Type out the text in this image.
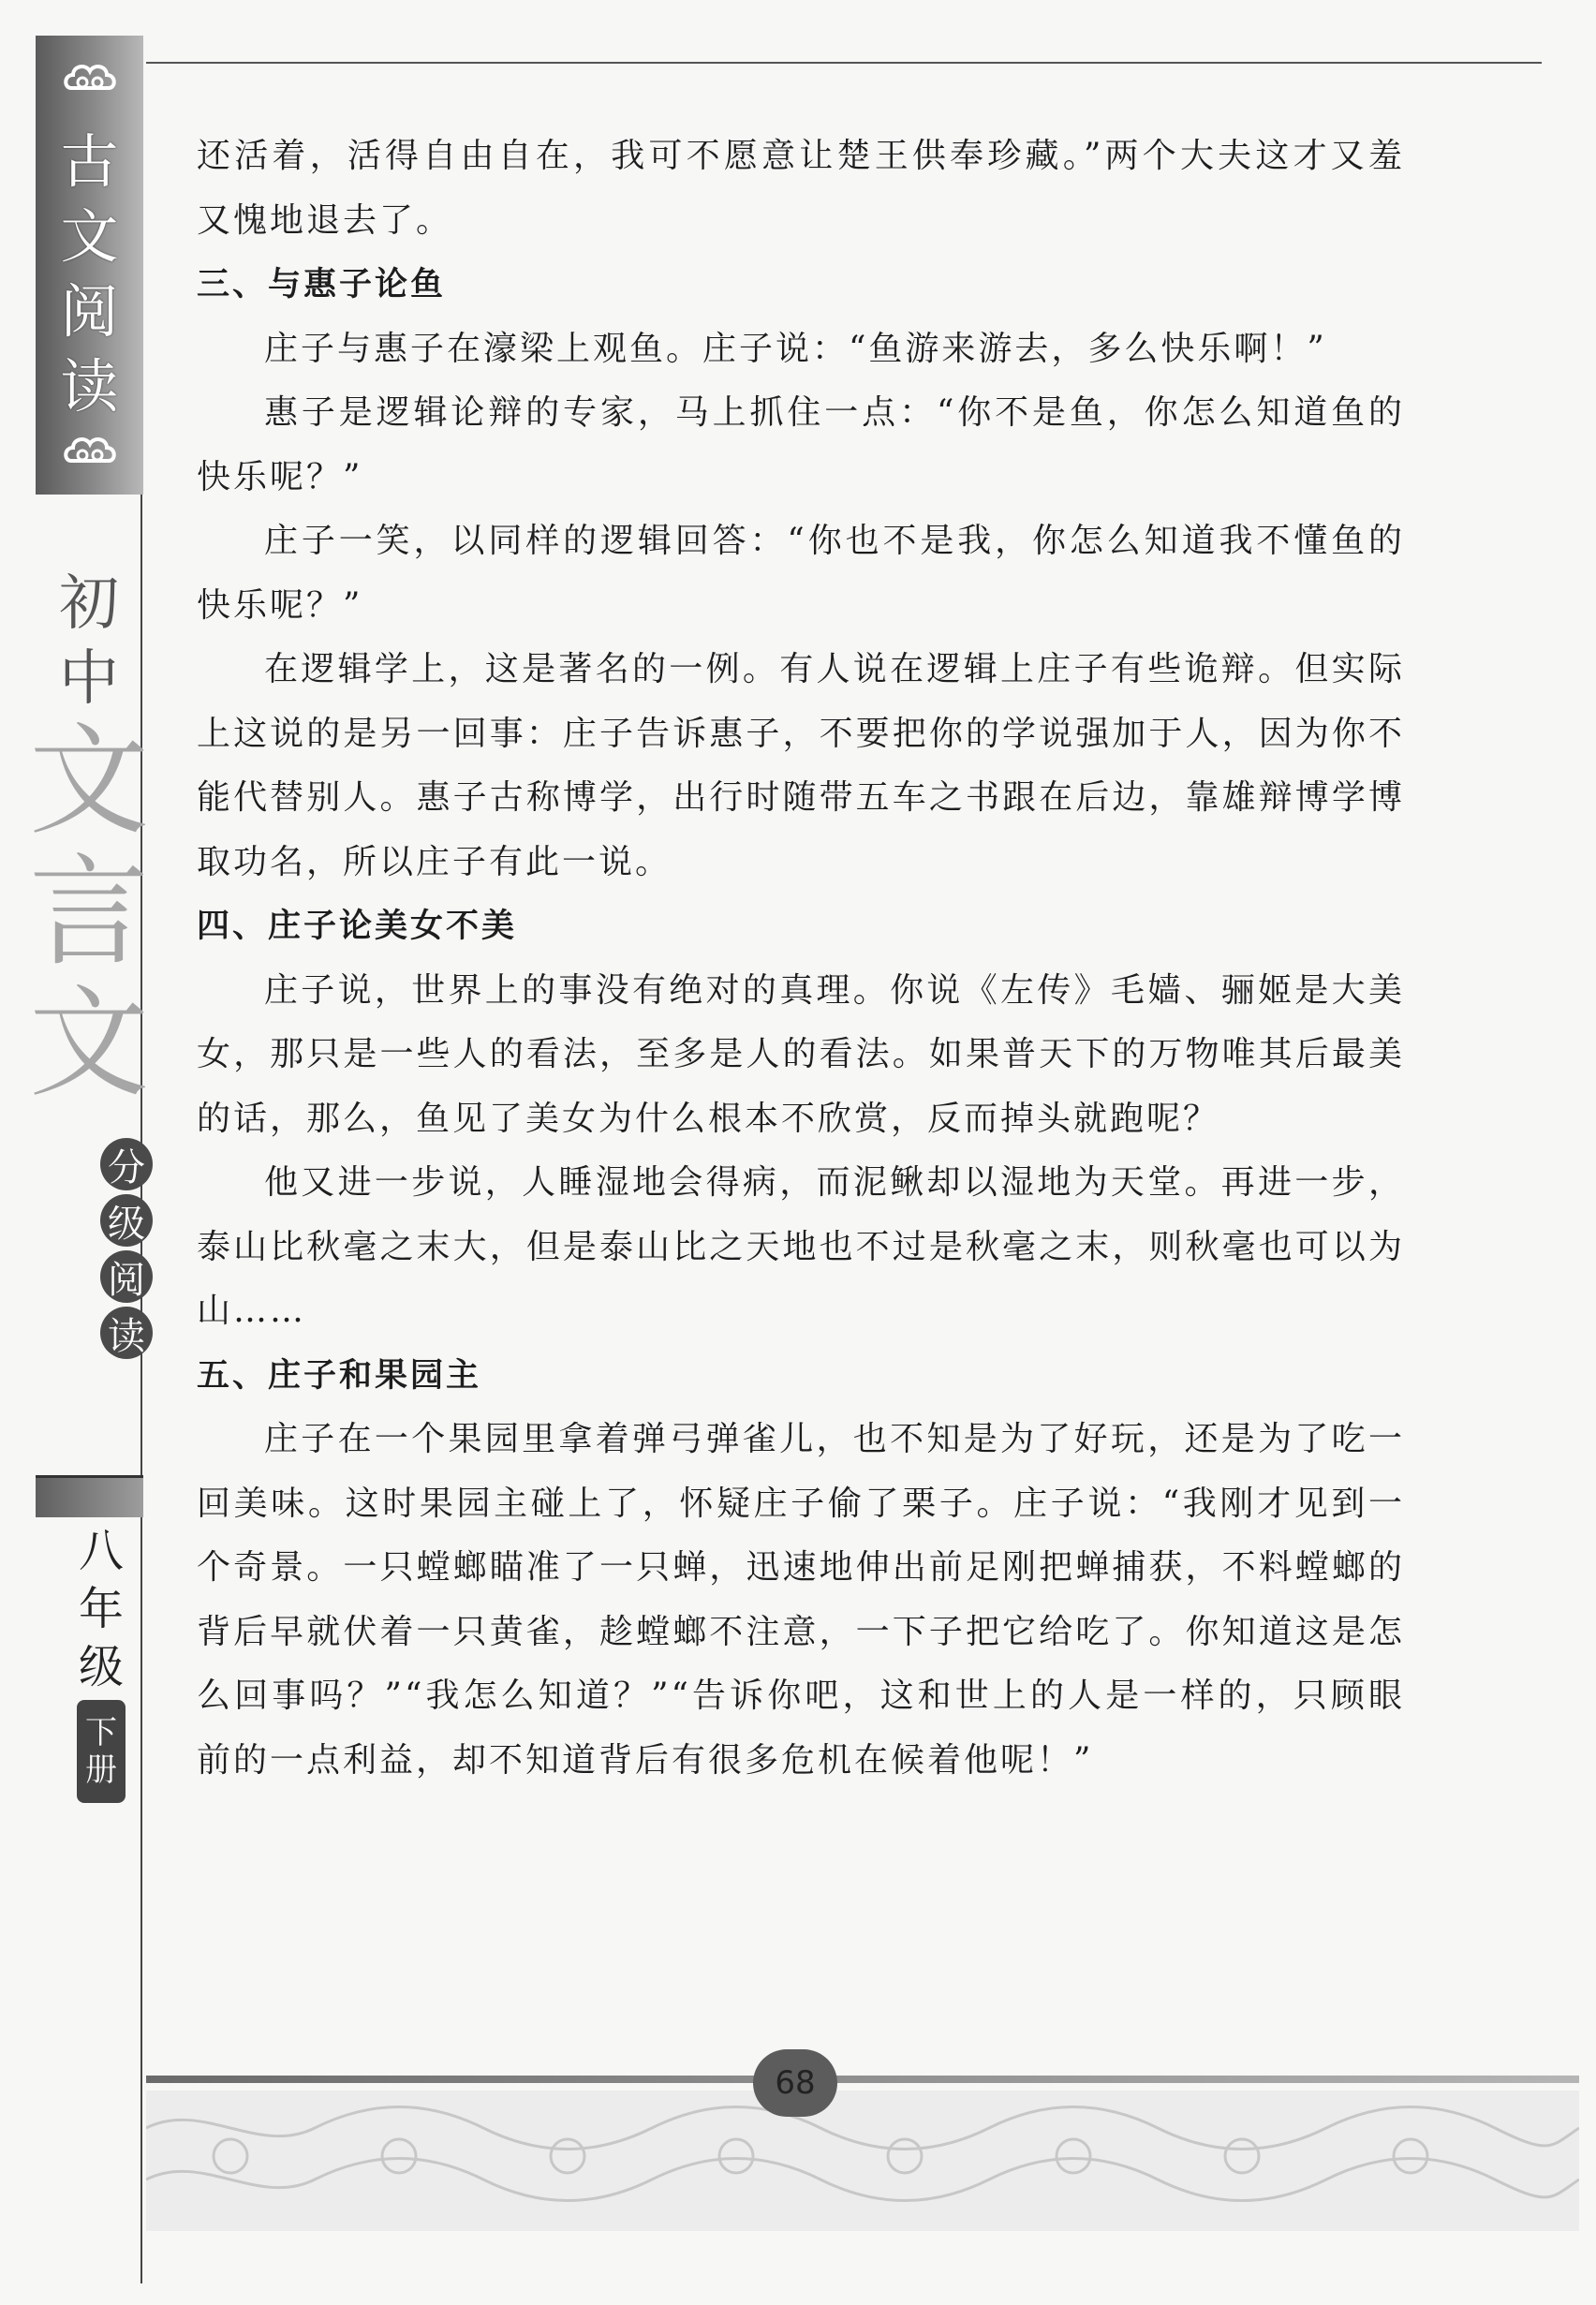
古
文
阅
读
初
中
文
言
文
分
级
阅
读
八
年
级
下
册

还活着，活得自由自在，我可不愿意让楚王供奉珍藏。”两个大夫这才又羞又愧地退去了。

三、与惠子论鱼

庄子与惠子在濠梁上观鱼。庄子说：“鱼游来游去，多么快乐啊！”

惠子是逻辑论辩的专家，马上抓住一点：“你不是鱼，你怎么知道鱼的快乐呢？”

庄子一笑，以同样的逻辑回答：“你也不是我，你怎么知道我不懂鱼的快乐呢？”

在逻辑学上，这是著名的一例。有人说在逻辑上庄子有些诡辩。但实际上这说的是另一回事：庄子告诉惠子，不要把你的学说强加于人，因为你不能代替别人。惠子古称博学，出行时随带五车之书跟在后边，靠雄辩博学博取功名，所以庄子有此一说。

四、庄子论美女不美

庄子说，世界上的事没有绝对的真理。你说《左传》毛嫱、骊姬是大美女，那只是一些人的看法，至多是人的看法。如果普天下的万物唯其后最美的话，那么，鱼见了美女为什么根本不欣赏，反而掉头就跑呢？

他又进一步说，人睡湿地会得病，而泥鳅却以湿地为天堂。再进一步，泰山比秋毫之末大，但是泰山比之天地也不过是秋毫之末，则秋毫也可以为山……

五、庄子和果园主

庄子在一个果园里拿着弹弓弹雀儿，也不知是为了好玩，还是为了吃一回美味。这时果园主碰上了，怀疑庄子偷了栗子。庄子说：“我刚才见到一个奇景。一只螳螂瞄准了一只蝉，迅速地伸出前足刚把蝉捕获，不料螳螂的背后早就伏着一只黄雀，趁螳螂不注意，一下子把它给吃了。你知道这是怎么回事吗？”“我怎么知道？”“告诉你吧，这和世上的人是一样的，只顾眼前的一点利益，却不知道背后有很多危机在候着他呢！”

68
